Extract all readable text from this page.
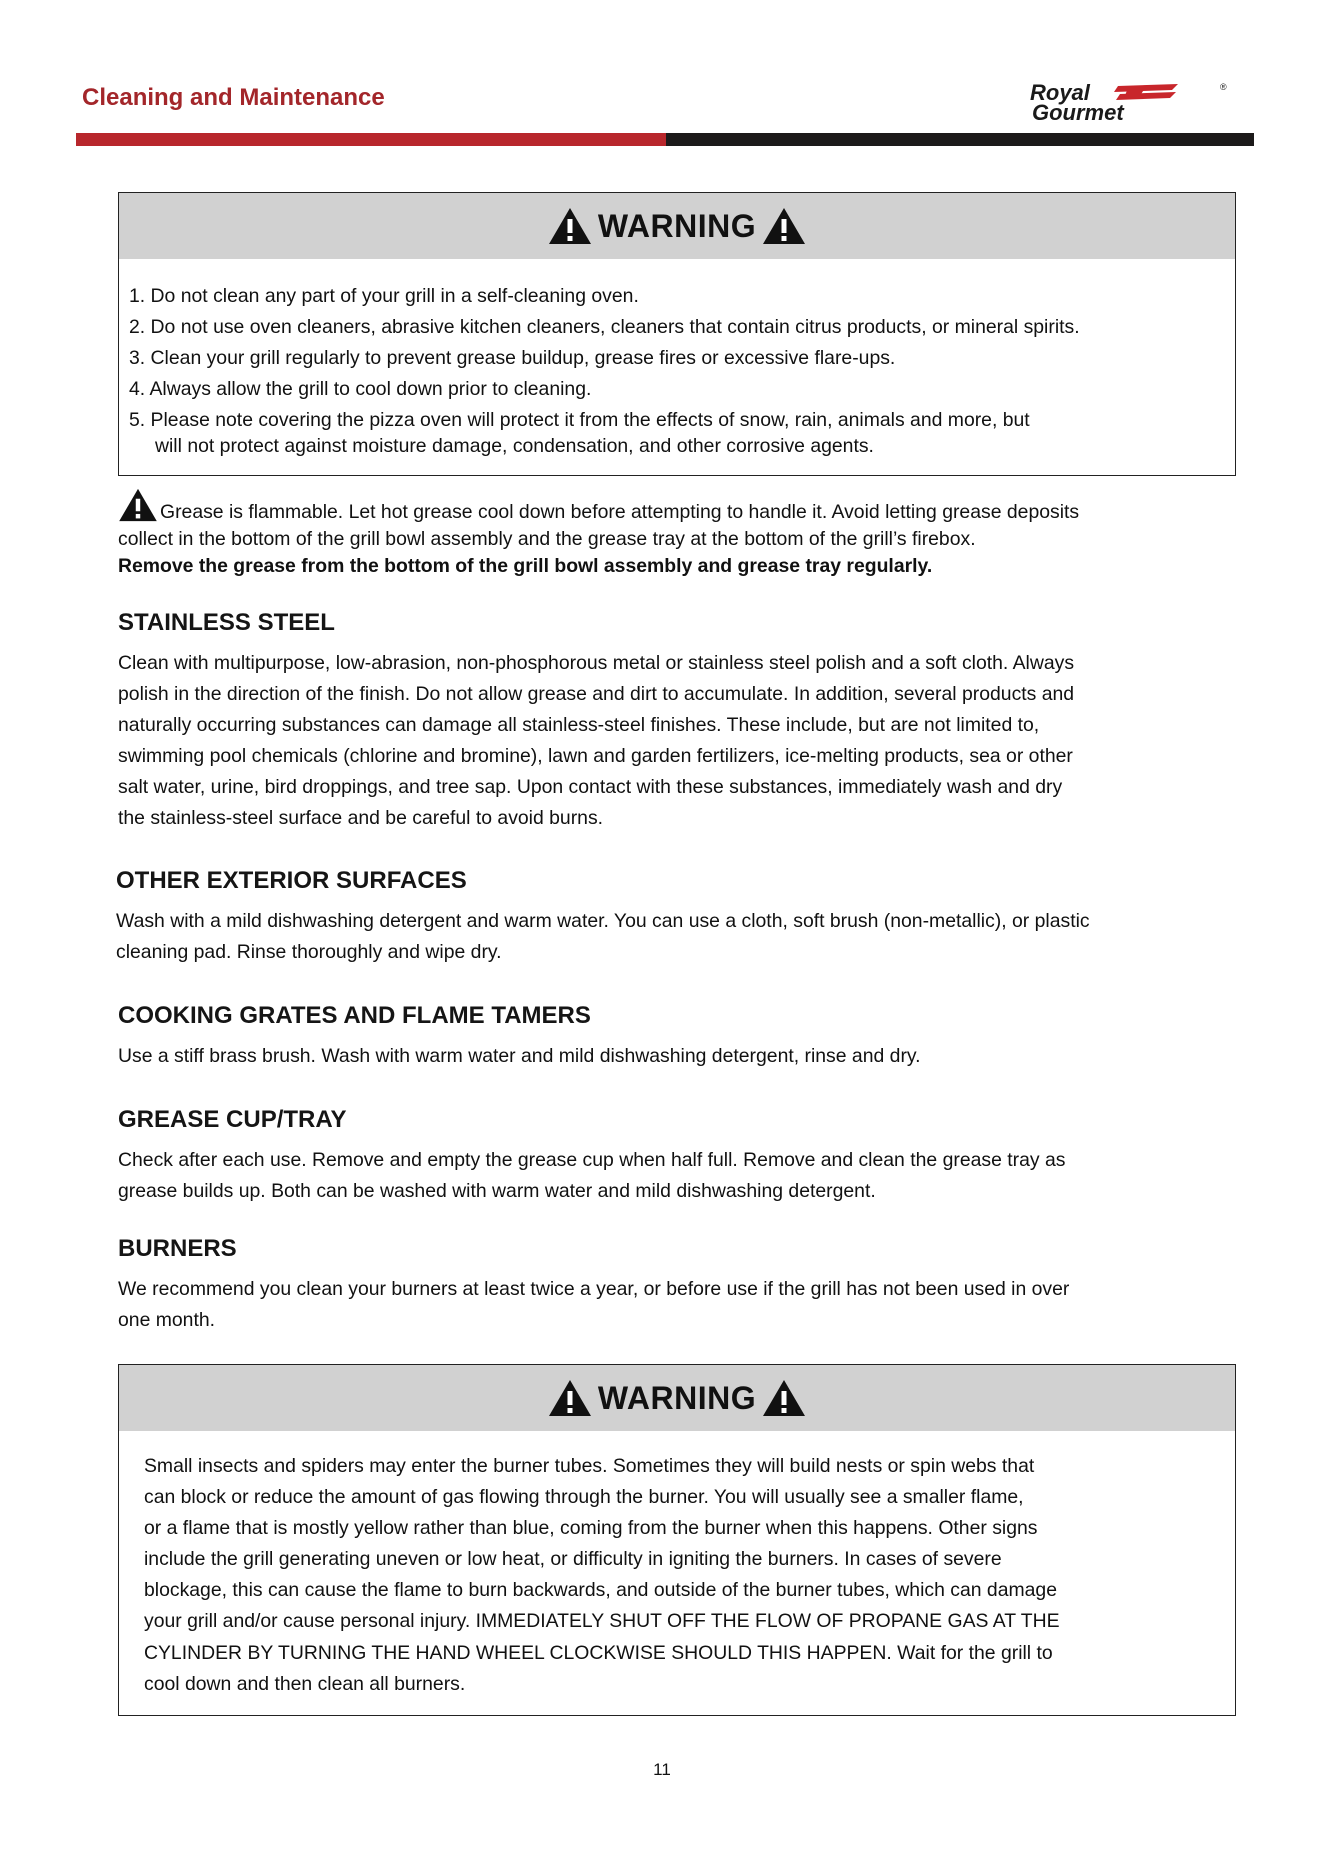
Cleaning and Maintenance	Royal
Gourmet
®
WARNING
1. Do not clean any part of your grill in a self-cleaning oven.
2. Do not use oven cleaners, abrasive kitchen cleaners, cleaners that contain citrus products, or mineral spirits.
3. Clean your grill regularly to prevent grease buildup, grease fires or excessive flare-ups.
4. Always allow the grill to cool down prior to cleaning.
5. Please note covering the pizza oven will protect it from the effects of snow, rain, animals and more, but
will not protect against moisture damage, condensation, and other corrosive agents.
Grease is flammable. Let hot grease cool down before attempting to handle it. Avoid letting grease deposits
collect in the bottom of the grill bowl assembly and the grease tray at the bottom of the grill’s firebox.
Remove the grease from the bottom of the grill bowl assembly and grease tray regularly.
STAINLESS STEEL

Clean with multipurpose, low-abrasion, non-phosphorous metal or stainless steel polish and a soft cloth. Always
polish in the direction of the finish. Do not allow grease and dirt to accumulate. In addition, several products and
naturally occurring substances can damage all stainless-steel finishes. These include, but are not limited to,
swimming pool chemicals (chlorine and bromine), lawn and garden fertilizers, ice-melting products, sea or other
salt water, urine, bird droppings, and tree sap. Upon contact with these substances, immediately wash and dry
the stainless-steel surface and be careful to avoid burns.

OTHER EXTERIOR SURFACES

Wash with a mild dishwashing detergent and warm water. You can use a cloth, soft brush (non-metallic), or plastic
cleaning pad. Rinse thoroughly and wipe dry.

COOKING GRATES AND FLAME TAMERS

Use a stiff brass brush. Wash with warm water and mild dishwashing detergent, rinse and dry.

GREASE CUP/TRAY

Check after each use. Remove and empty the grease cup when half full. Remove and clean the grease tray as
grease builds up. Both can be washed with warm water and mild dishwashing detergent.

BURNERS

We recommend you clean your burners at least twice a year, or before use if the grill has not been used in over
one month.

WARNING
Small insects and spiders may enter the burner tubes. Sometimes they will build nests or spin webs that
can block or reduce the amount of gas flowing through the burner. You will usually see a smaller flame,
or a flame that is mostly yellow rather than blue, coming from the burner when this happens. Other signs
include the grill generating uneven or low heat, or difficulty in igniting the burners. In cases of severe
blockage, this can cause the flame to burn backwards, and outside of the burner tubes, which can damage
your grill and/or cause personal injury. IMMEDIATELY SHUT OFF THE FLOW OF PROPANE GAS AT THE
CYLINDER BY TURNING THE HAND WHEEL CLOCKWISE SHOULD THIS HAPPEN. Wait for the grill to
cool down and then clean all burners.
11
